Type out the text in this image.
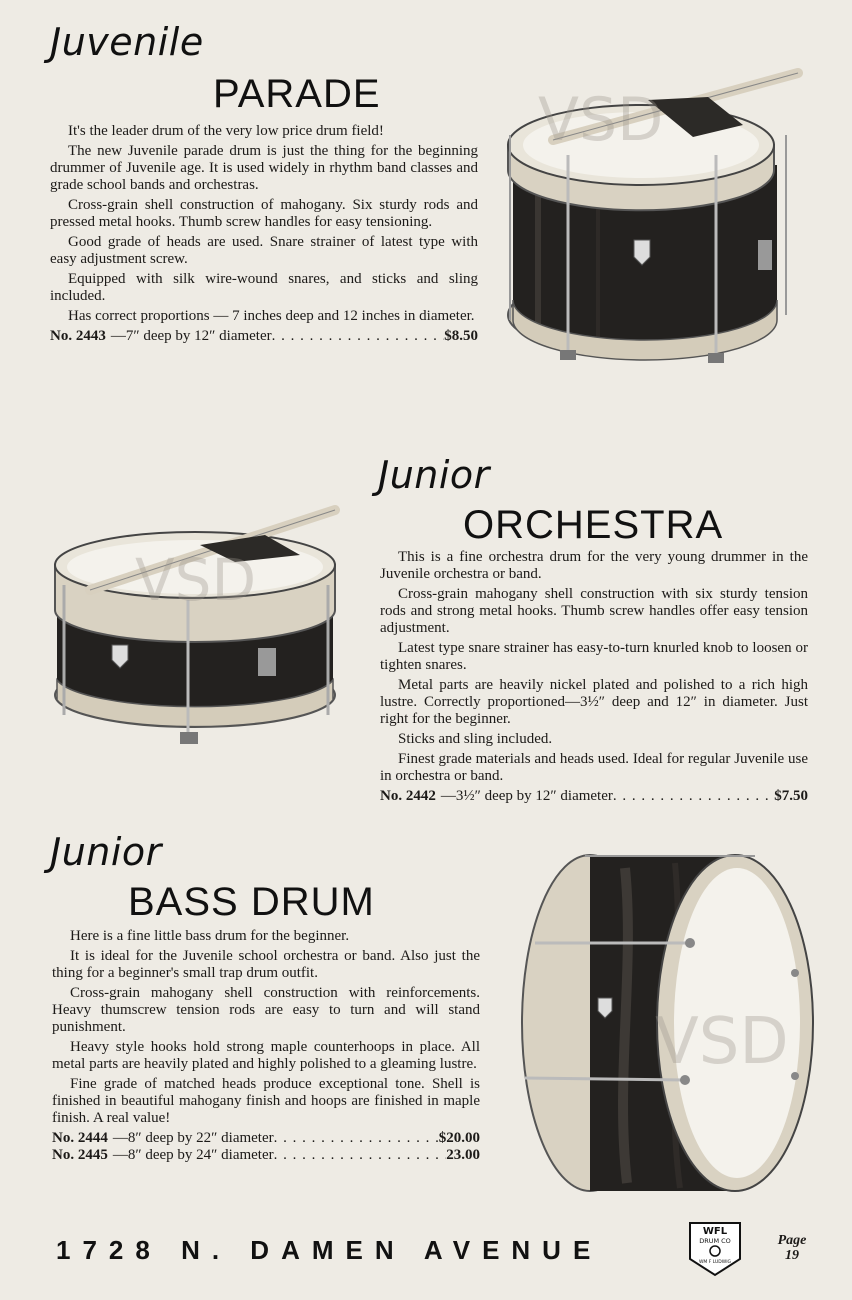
Juvenile
PARADE

It's the leader drum of the very low price drum field!

The new Juvenile parade drum is just the thing for the beginning drummer of Juvenile age. It is used widely in rhythm band classes and grade school bands and orchestras.

Cross-grain shell construction of mahogany. Six sturdy rods and pressed metal hooks. Thumb screw handles for easy tensioning.

Good grade of heads are used. Snare strainer of latest type with easy adjustment screw.

Equipped with silk wire-wound snares, and sticks and sling included.

Has correct proportions — 7 inches deep and 12 inches in diameter.

No. 2443 —7″ deep by 12″ diameter . . .	$8.50
VSD
Junior
ORCHESTRA

This is a fine orchestra drum for the very young drummer in the Juvenile orchestra or band.

Cross-grain mahogany shell construction with six sturdy tension rods and strong metal hooks. Thumb screw handles offer easy tension adjustment.

Latest type snare strainer has easy-to-turn knurled knob to loosen or tighten snares.

Metal parts are heavily nickel plated and polished to a rich high lustre. Correctly proportioned—3½″ deep and 12″ in diameter. Just right for the beginner.

Sticks and sling included.

Finest grade materials and heads used. Ideal for regular Juvenile use in orchestra or band.

No. 2442 —3½″ deep by 12″ diameter . . .	$7.50
VSD
Junior
BASS DRUM

Here is a fine little bass drum for the beginner.

It is ideal for the Juvenile school orchestra or band. Also just the thing for a beginner's small trap drum outfit.

Cross-grain mahogany shell construction with reinforcements. Heavy thumscrew tension rods are easy to turn and will stand punishment.

Heavy style hooks hold strong maple counterhoops in place. All metal parts are heavily plated and highly polished to a gleaming lustre.

Fine grade of matched heads produce exceptional tone. Shell is finished in beautiful mahogany finish and hoops are finished in maple finish. A real value!

No. 2444 —8″ deep by 22″ diameter . . .	$20.00
No. 2445 —8″ deep by 24″ diameter . . .	23.00
VSD
1728 N. DAMEN AVENUE
WFL
DRUM CO
WM F LUDWIG
Page
19
